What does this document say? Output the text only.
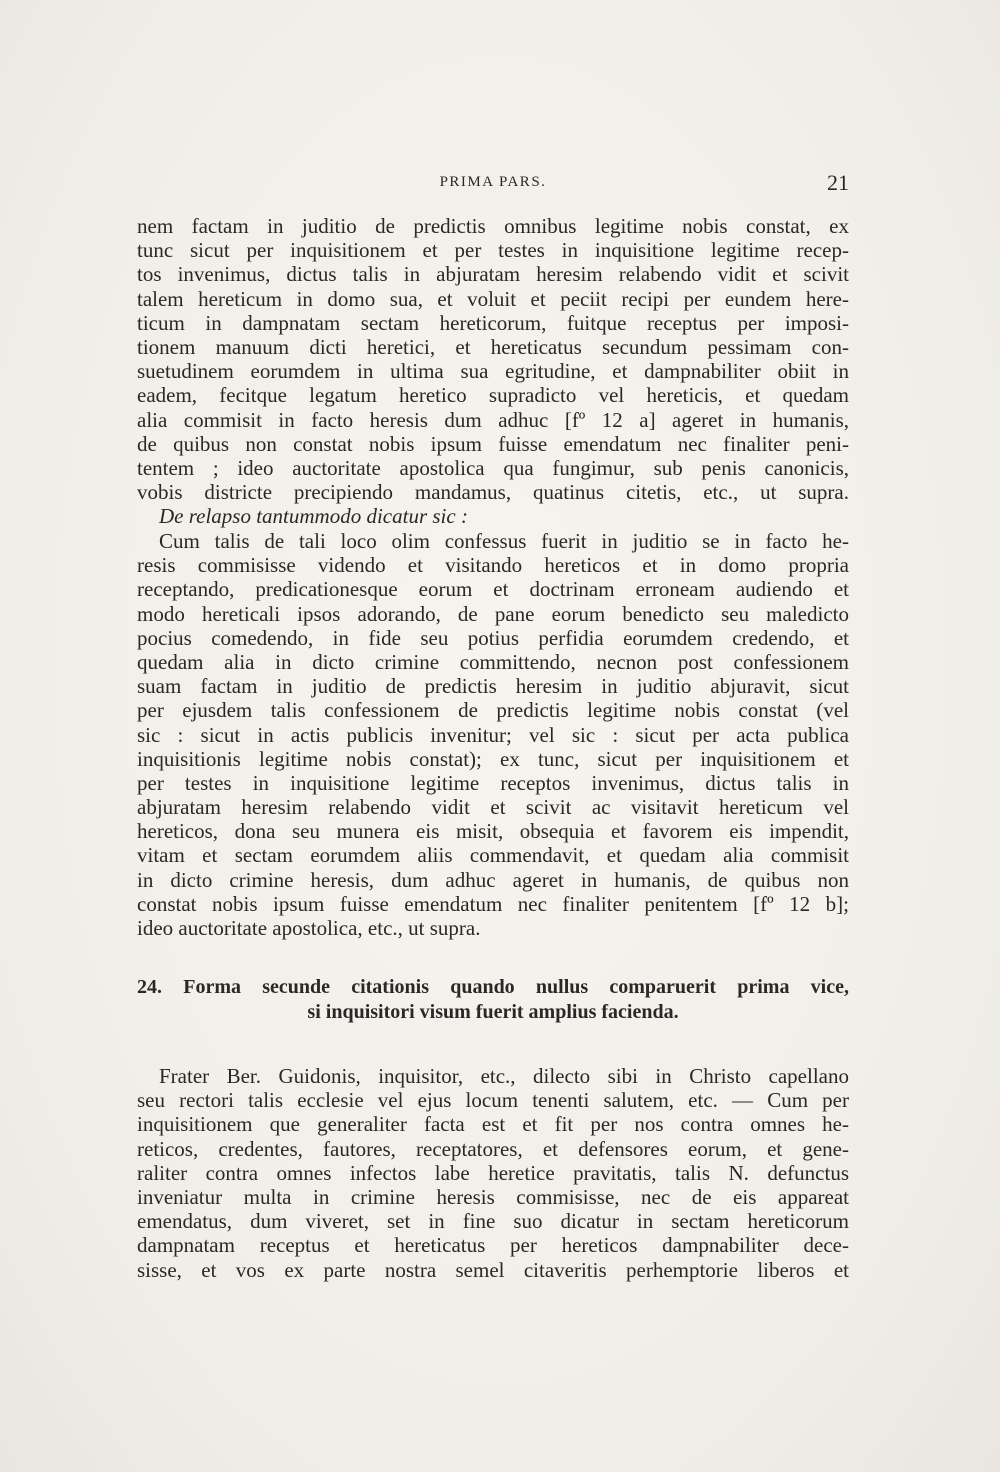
PRIMA PARS.	21
nem factam in juditio de predictis omnibus legitime nobis constat, ex
tunc sicut per inquisitionem et per testes in inquisitione legitime recep-
tos invenimus, dictus talis in abjuratam heresim relabendo vidit et scivit
talem hereticum in domo sua, et voluit et peciit recipi per eundem here-
ticum in dampnatam sectam hereticorum, fuitque receptus per imposi-
tionem manuum dicti heretici, et hereticatus secundum pessimam con-
suetudinem eorumdem in ultima sua egritudine, et dampnabiliter obiit in
eadem, fecitque legatum heretico supradicto vel hereticis, et quedam
alia commisit in facto heresis dum adhuc [fº 12 a] ageret in humanis,
de quibus non constat nobis ipsum fuisse emendatum nec finaliter peni-
tentem ; ideo auctoritate apostolica qua fungimur, sub penis canonicis,
vobis districte precipiendo mandamus, quatinus citetis, etc., ut supra.
De relapso tantummodo dicatur sic :
Cum talis de tali loco olim confessus fuerit in juditio se in facto he-
resis commisisse videndo et visitando hereticos et in domo propria
receptando, predicationesque eorum et doctrinam erroneam audiendo et
modo hereticali ipsos adorando, de pane eorum benedicto seu maledicto
pocius comedendo, in fide seu potius perfidia eorumdem credendo, et
quedam alia in dicto crimine committendo, necnon post confessionem
suam factam in juditio de predictis heresim in juditio abjuravit, sicut
per ejusdem talis confessionem de predictis legitime nobis constat (vel
sic : sicut in actis publicis invenitur; vel sic : sicut per acta publica
inquisitionis legitime nobis constat); ex tunc, sicut per inquisitionem et
per testes in inquisitione legitime receptos invenimus, dictus talis in
abjuratam heresim relabendo vidit et scivit ac visitavit hereticum vel
hereticos, dona seu munera eis misit, obsequia et favorem eis impendit,
vitam et sectam eorumdem aliis commendavit, et quedam alia commisit
in dicto crimine heresis, dum adhuc ageret in humanis, de quibus non
constat nobis ipsum fuisse emendatum nec finaliter penitentem [fº 12 b];
ideo auctoritate apostolica, etc., ut supra.
24. Forma secunde citationis quando nullus comparuerit prima vice,
si inquisitori visum fuerit amplius facienda.
Frater Ber. Guidonis, inquisitor, etc., dilecto sibi in Christo capellano
seu rectori talis ecclesie vel ejus locum tenenti salutem, etc. — Cum per
inquisitionem que generaliter facta est et fit per nos contra omnes he-
reticos, credentes, fautores, receptatores, et defensores eorum, et gene-
raliter contra omnes infectos labe heretice pravitatis, talis N. defunctus
inveniatur multa in crimine heresis commisisse, nec de eis appareat
emendatus, dum viveret, set in fine suo dicatur in sectam hereticorum
dampnatam receptus et hereticatus per hereticos dampnabiliter dece-
sisse, et vos ex parte nostra semel citaveritis perhemptorie liberos et
